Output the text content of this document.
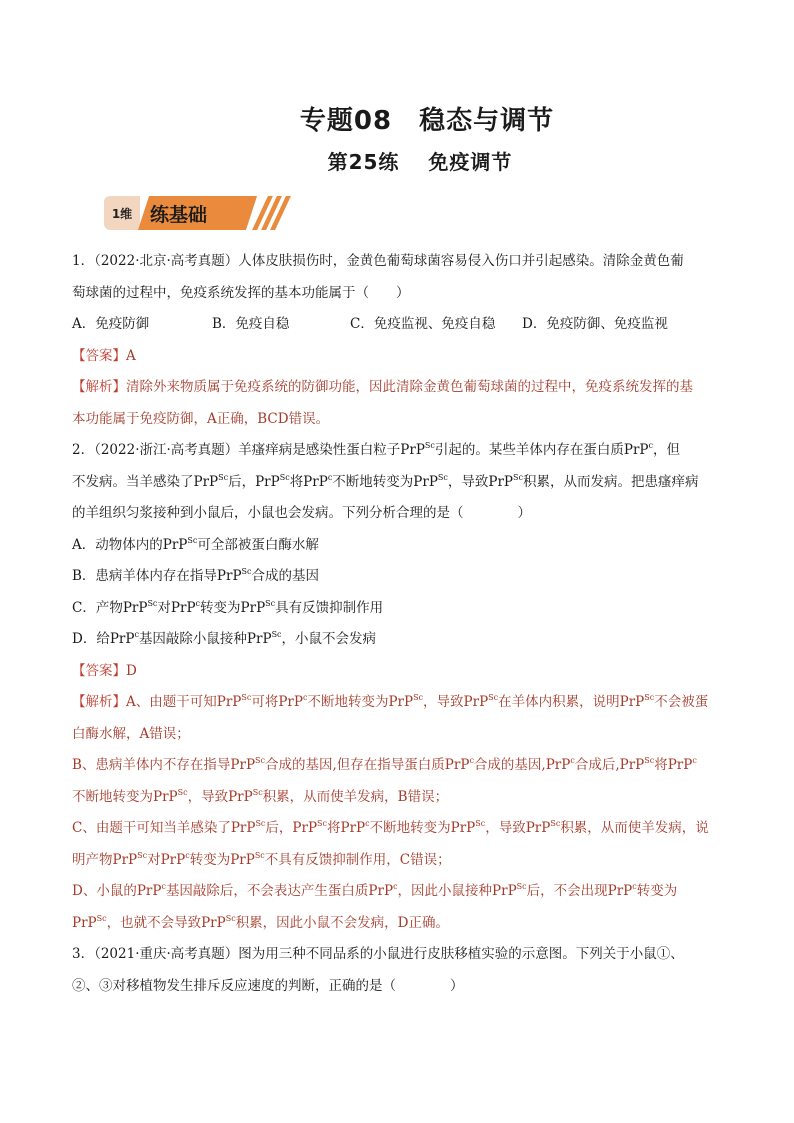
专题08　稳态与调节
第25练　 免疫调节
1维 练基础

1．（2022·北京·高考真题）人体皮肤损伤时，金黄色葡萄球菌容易侵入伤口并引起感染。清除金黄色葡

萄球菌的过程中，免疫系统发挥的基本功能属于（　　）

A．免疫防御	B．免疫自稳	C．免疫监视、免疫自稳	D．免疫防御、免疫监视

【答案】A

【解析】清除外来物质属于免疫系统的防御功能，因此清除金黄色葡萄球菌的过程中，免疫系统发挥的基

本功能属于免疫防御，A正确，BCD错误。

2．（2022·浙江·高考真题）羊瘙痒病是感染性蛋白粒子PrP$^{Sc}$引起的。某些羊体内存在蛋白质PrP$^c$，但

不发病。当羊感染了PrP$^{Sc}$后，PrP$^{Sc}$将PrP$^c$不断地转变为PrP$^{Sc}$，导致PrP$^{Sc}$积累，从而发病。把患瘙痒病

的羊组织匀浆接种到小鼠后，小鼠也会发病。下列分析合理的是（　　　　）

A．动物体内的PrP$^{Sc}$可全部被蛋白酶水解

B．患病羊体内存在指导PrP$^{Sc}$合成的基因

C．产物PrP$^{Sc}$对PrP$^c$转变为PrP$^{Sc}$具有反馈抑制作用

D．给PrP$^c$基因敲除小鼠接种PrP$^{Sc}$，小鼠不会发病

【答案】D

【解析】A、由题干可知PrP$^{Sc}$可将PrP$^c$不断地转变为PrP$^{Sc}$，导致PrP$^{Sc}$在羊体内积累，说明PrP$^{Sc}$不会被蛋

白酶水解，A错误；

B、患病羊体内不存在指导PrP$^{Sc}$合成的基因,但存在指导蛋白质PrP$^c$合成的基因,PrP$^c$合成后,PrP$^{Sc}$将PrP$^c$

不断地转变为PrP$^{Sc}$，导致PrP$^{Sc}$积累，从而使羊发病，B错误；

C、由题干可知当羊感染了PrP$^{Sc}$后，PrP$^{Sc}$将PrP$^c$不断地转变为PrP$^{Sc}$，导致PrP$^{Sc}$积累，从而使羊发病，说

明产物PrP$^{Sc}$对PrP$^c$转变为PrP$^{Sc}$不具有反馈抑制作用，C错误；

D、小鼠的PrP$^c$基因敲除后，不会表达产生蛋白质PrP$^c$，因此小鼠接种PrP$^{Sc}$后，不会出现PrP$^c$转变为

PrP$^{Sc}$，也就不会导致PrP$^{Sc}$积累，因此小鼠不会发病，D正确。

3．（2021·重庆·高考真题）图为用三种不同品系的小鼠进行皮肤移植实验的示意图。下列关于小鼠①、

②、③对移植物发生排斥反应速度的判断，正确的是（　　　　）
